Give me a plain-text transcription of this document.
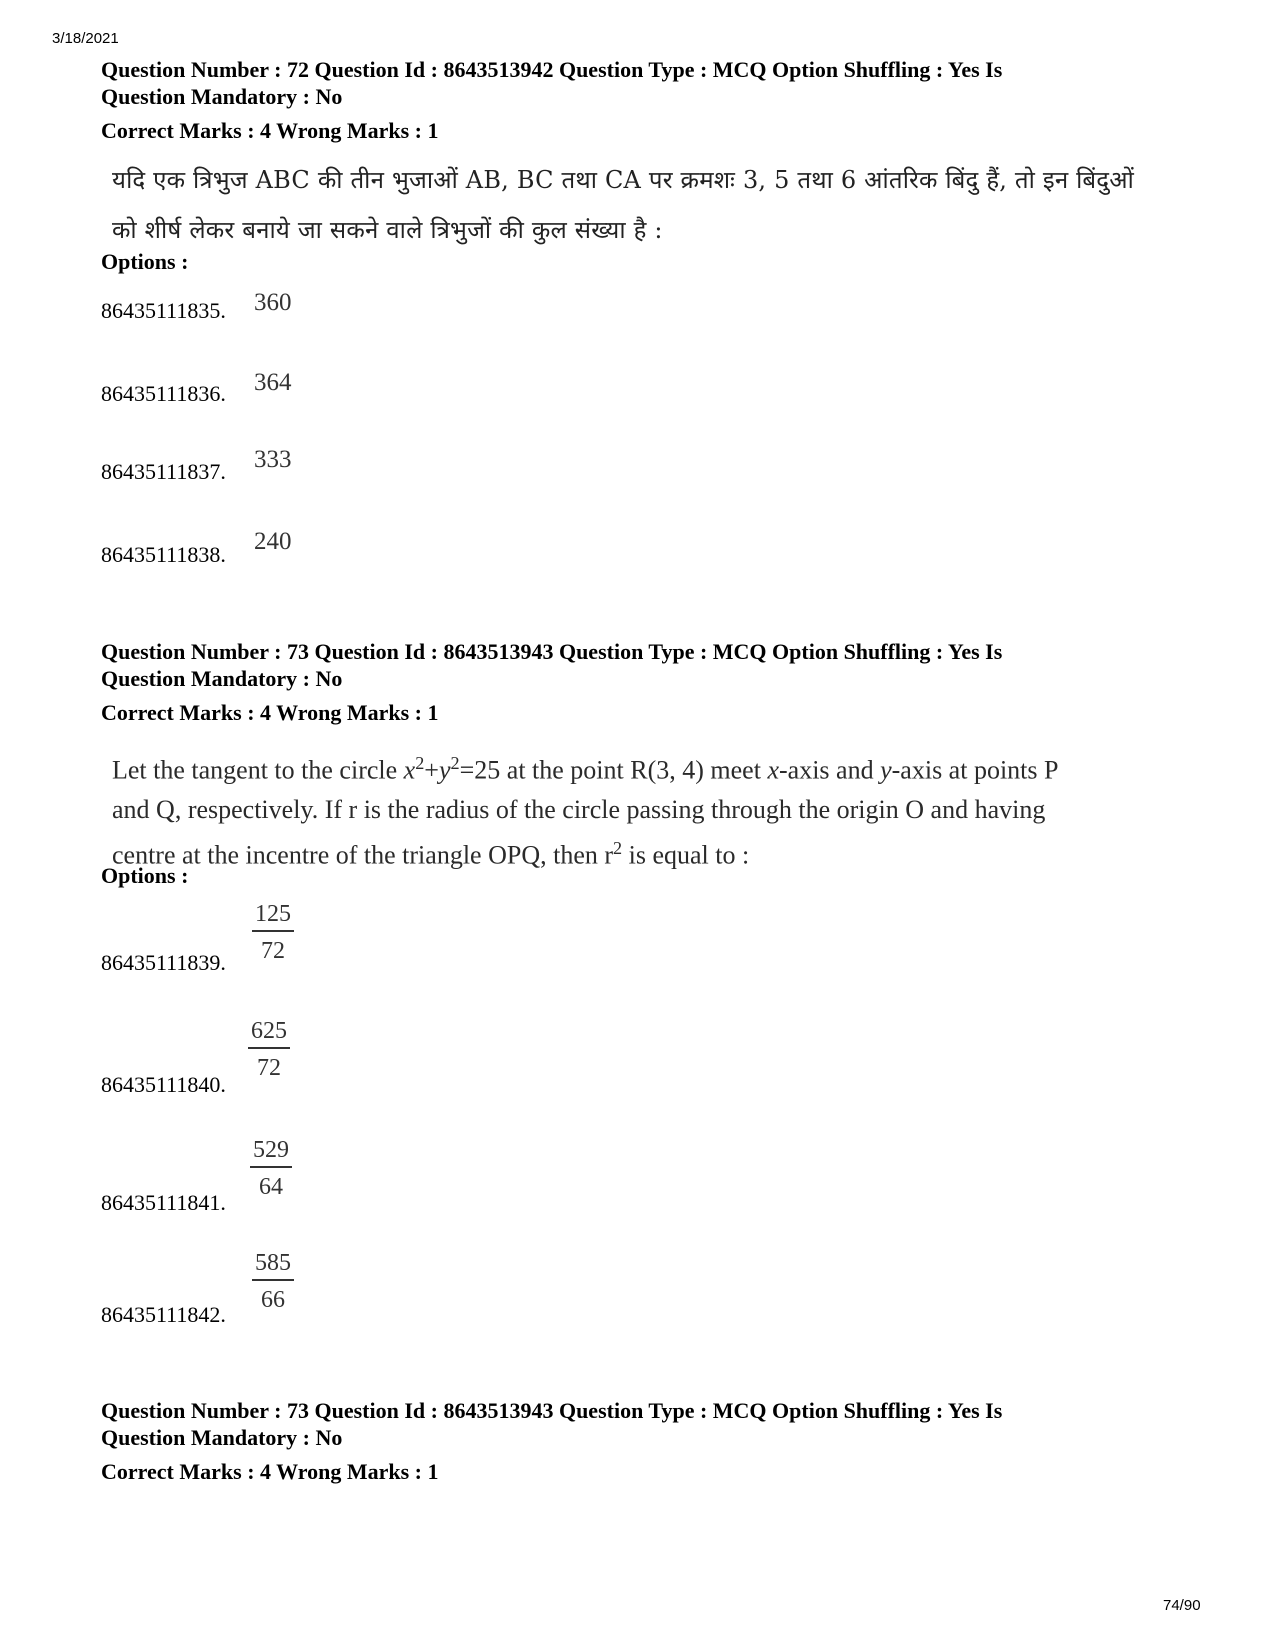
3/18/2021
Question Number : 72 Question Id : 8643513942 Question Type : MCQ Option Shuffling : Yes Is
Question Mandatory : No
Correct Marks : 4 Wrong Marks : 1
यदि एक त्रिभुज ABC की तीन भुजाओं AB, BC तथा CA पर क्रमशः 3, 5 तथा 6 आंतरिक बिंदु हैं, तो इन बिंदुओं
को शीर्ष लेकर बनाये जा सकने वाले त्रिभुजों की कुल संख्या है :
Options :
86435111835. 360
86435111836. 364
86435111837. 333
86435111838. 240
Question Number : 73 Question Id : 8643513943 Question Type : MCQ Option Shuffling : Yes Is
Question Mandatory : No
Correct Marks : 4 Wrong Marks : 1
Let the tangent to the circle $x^2+y^2=25$ at the point R(3, 4) meet x-axis and y-axis at points P
and Q, respectively. If r is the radius of the circle passing through the origin O and having
centre at the incentre of the triangle OPQ, then $r^2$ is equal to :
Options :
86435111839. $\frac{125}{72}$
86435111840.
$\frac{625}{72}$
86435111841.
$\frac{529}{64}$
86435111842.
$\frac{585}{66}$
Question Number : 73 Question Id : 8643513943 Question Type : MCQ Option Shuffling : Yes Is
Question Mandatory : No
Correct Marks : 4 Wrong Marks : 1
74/90
